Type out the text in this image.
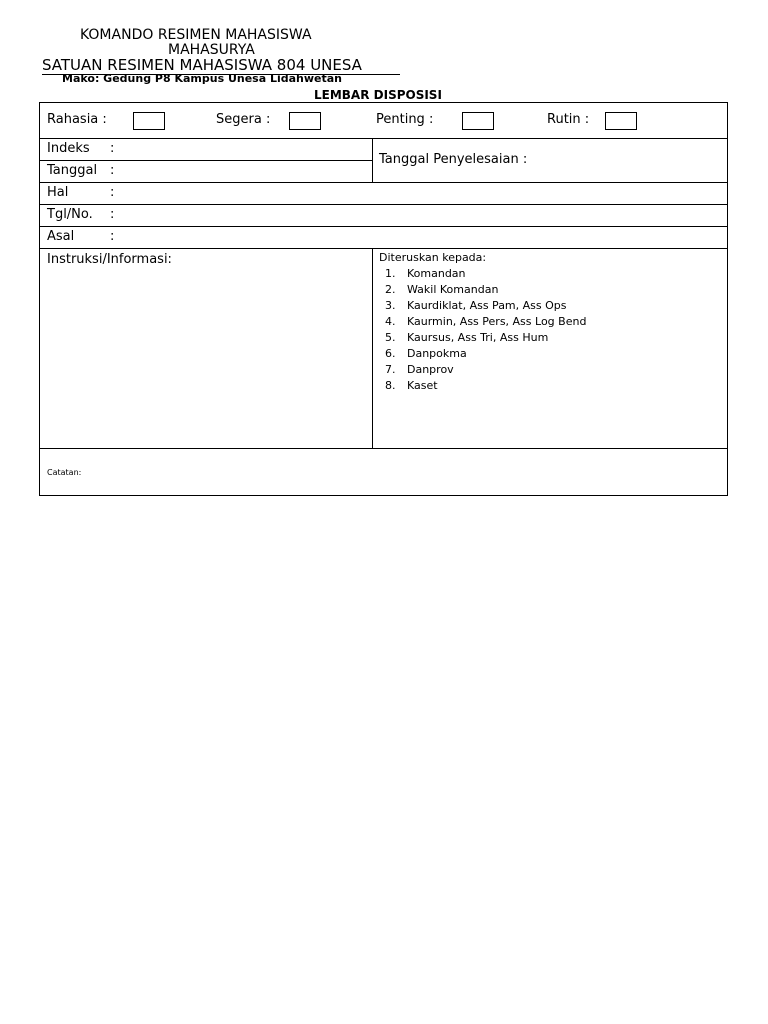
KOMANDO RESIMEN MAHASISWA
MAHASURYA
SATUAN RESIMEN MAHASISWA 804 UNESA
Mako: Gedung P8 Kampus Unesa Lidahwetan
LEMBAR DISPOSISI
Rahasia :	Segera :	Penting :	Rutin :
Indeks :
Tanggal :
Tanggal Penyelesaian :
Hal	:
Tgl/No. :
Asal	:
Instruksi/Informasi:	Diteruskan kepada:
1. Komandan
2. Wakil Komandan
3. Kaurdiklat, Ass Pam, Ass Ops
4. Kaurmin, Ass Pers, Ass Log Bend
5. Kaursus, Ass Tri, Ass Hum
6. Danpokma
7. Danprov
8. Kaset
Catatan:
